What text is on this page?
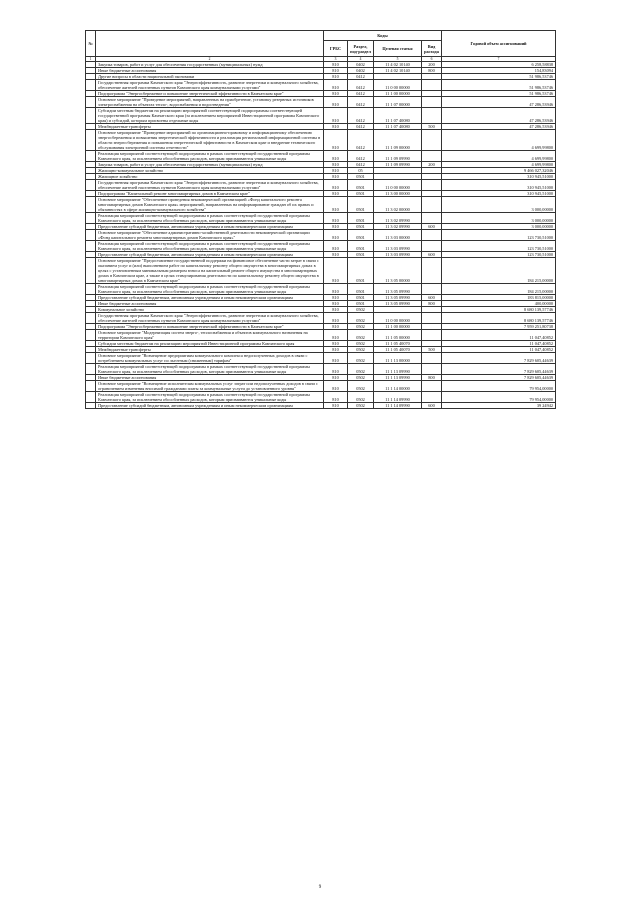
№		Коды				Годовой объем ассигнований
		ГРБС	Раздел, под-раздел	Целевая статья	Вид расхода	
1	2	3	4	5	6	7
	Закупка товаров, работ и услуг для обеспечения государственных (муниципальных) нужд	810	0402	11 4 02 10140	200	6 258,58838
	Иные бюджетные ассигнования	810	0402	11 4 02 10140	800	154,83094
	Другие вопросы в области национальной экономики	810	0412			51 986,53746
	Государственная программа Камчатского края "Энергоэффективность, развитие энергетики и коммунального хозяйства, обеспечение жителей населенных пунктов Камчатского края коммунальными услугами"	810	0412	11 0 00 00000		51 986,53746
	Подпрограмма "Энергосбережение и повышение энергетической эффективности в Камчатском крае"	810	0412	11 1 00 00000		51 986,53746
	Основное мероприятие "Проведение мероприятий, направленных на приобретение, установку резервных источников электроснабжения на объектах тепло-, водоснабжения и водоотведения"	810	0412	11 1 07 00000		47 286,53946
	Субсидии местным бюджетам на реализацию мероприятий соответствующей подпрограммы соответствующей государственной программы Камчатского края (за исключением мероприятий Инвестиционной программы Камчатского края) и субсидий, которым присвоены отдельные коды	810	0412	11 1 07 40080		47 286,53946
	Межбюджетные трансферты	810	0412	11 1 07 40080	500	47 286,53946
	Основное мероприятие "Проведение мероприятий по организационно-правовому и информационному обеспечению энергосбережения и повышения энергетической эффективности и реализация региональной информационной системы в области энергосбережения и повышения энергетической эффективности в Камчатском крае и внедрение технического обслуживания электронной системы отчетности"	810	0412	11 1 09 00000		4 699,99800
	Реализация мероприятий соответствующей подпрограммы в рамках соответствующей государственной программы Камчатского края, за исключением обособленных расходов, которым присваиваются уникальные коды	810	0412	11 1 09 09990		4 699,99800
	Закупка товаров, работ и услуг для обеспечения государственных (муниципальных) нужд	810	0412	11 1 09 09990	200	4 699,99800
	Жилищно-коммунальное хозяйство	810	05			9 466 027,32046
	Жилищное хозяйство	810	0501			310 945,51000
	Государственная программа Камчатского края "Энергоэффективность, развитие энергетики и коммунального хозяйства, обеспечение жителей населенных пунктов Камчатского края коммунальными услугами"	810	0501	11 0 00 00000		310 945,51000
	Подпрограмма "Капитальный ремонт многоквартирных домов в Камчатском крае"	810	0501	11 3 00 00000		310 945,51000
	Основное мероприятие "Обеспечение проведения некоммерческой организацией «Фонд капитального ремонта многоквартирных домов Камчатского края» мероприятий, направленных на информирование граждан об их правах и обязанностях в сфере жилищно-коммунального хозяйства"	810	0501	11 3 02 00000		3 000,00000
	Реализация мероприятий соответствующей подпрограммы в рамках соответствующей государственной программы Камчатского края, за исключением обособленных расходов, которым присваиваются уникальные коды	810	0501	11 3 02 09990		3 000,00000
	Предоставление субсидий бюджетным, автономным учреждениям и иным некоммерческим организациям	810	0501	11 3 02 09990	600	3 000,00000
	Основное мероприятие "Обеспечение административно-хозяйственной деятельности некоммерческой организации «Фонд капитального ремонта многоквартирных домов Камчатского края»"	810	0501	11 3 03 00000		123 730,51000
	Реализация мероприятий соответствующей подпрограммы в рамках соответствующей государственной программы Камчатского края, за исключением обособленных расходов, которым присваиваются уникальные коды	810	0501	11 3 03 09990		123 730,51000
	Предоставление субсидий бюджетным, автономным учреждениям и иным некоммерческим организациям	810	0501	11 3 03 09990	600	123 730,51000
	Основное мероприятие "Предоставление государственной поддержки на финансовое обеспечение части затрат в связи с оказанием услуг и (или) выполнением работ по капитальному ремонту общего имущества в многоквартирных домах в целях с установленным минимальным размером взноса на капитальный ремонт общего имущества в многоквартирных домах в Камчатском крае, а также в целях стимулирования деятельности по капитальному ремонту общего имущества в многоквартирных домах в Камчатском крае"	810	0501	11 3 05 00000		184 215,00000
	Реализация мероприятий соответствующей подпрограммы в рамках соответствующей государственной программы Камчатского края, за исключением обособленных расходов, которым присваиваются уникальные коды	810	0501	11 3 05 09990		184 215,00000
	Предоставление субсидий бюджетным, автономным учреждениям и иным некоммерческим организациям	810	0501	11 3 05 09990	600	183 815,00000
	Иные бюджетные ассигнования	810	0501	11 3 05 09990	800	400,00000
	Коммунальное хозяйство	810	0502			8 680 139,57746
	Государственная программа Камчатского края "Энергоэффективность, развитие энергетики и коммунального хозяйства, обеспечение жителей населенных пунктов Камчатского края коммунальными услугами"	810	0502	11 0 00 00000		8 680 139,57746
	Подпрограмма "Энергосбережение и повышение энергетической эффективности в Камчатском крае"	810	0502	11 1 00 00000		7 959 251,80738
	Основное мероприятие "Модернизация систем энерго-, теплоснабжения и объектов коммунального назначения на территории Камчатского края"	810	0502	11 1 05 00000		11 047,40852
	Субсидии местным бюджетам на реализацию мероприятий Инвестиционной программы Камчатского края	810	0502	11 1 05 40070		11 047,40852
	Межбюджетные трансферты	810	0502	11 1 05 40070	500	11 047,40852
	Основное мероприятие "Возмещение предприятиям коммунального комплекса недополученных доходов в связи с потреблением коммунальных услуг по льготным (сниженным) тарифам"	810	0502	11 1 13 00000		7 829 605,44639
	Реализация мероприятий соответствующей подпрограммы в рамках соответствующей государственной программы Камчатского края, за исключением обособленных расходов, которым присваиваются уникальные коды	810	0502	11 1 13 09990		7 829 605,44639
	Иные бюджетные ассигнования	810	0502	11 1 13 09990	800	7 829 605,44639
	Основное мероприятие "Возмещение исполнителям коммунальных услуг затрат или недополученных доходов в связи с ограничением изменения вносимой гражданами платы за коммунальные услуги до установленного уровня"	810	0502	11 1 14 00000		79 954,00000
	Реализация мероприятий соответствующей подпрограммы в рамках соответствующей государственной программы Камчатского края, за исключением обособленных расходов, которым присваиваются уникальные коды	810	0502	11 1 14 09990		79 954,00000
	Предоставление субсидий бюджетным, автономным учреждениям и иным некоммерческим организациям	810	0502	11 1 14 09990	600	39 24942
9
